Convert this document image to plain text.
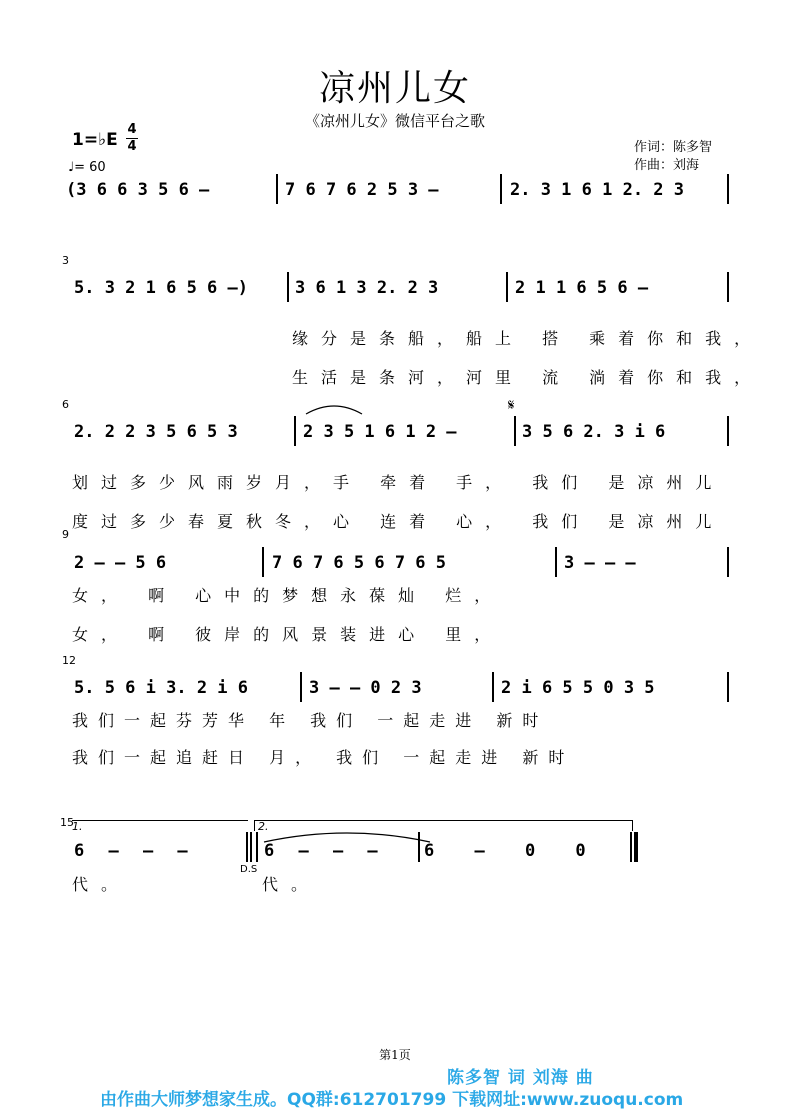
凉州儿女
《凉州儿女》微信平台之歌
1=♭E
4
4
♩= 60
作词：陈多智
作曲：刘海
(3 6 6 3 5 6 –	7 6 7 6 2 5 3 –	2. 3 1 6 1 2. 2 3
3
5. 3 2 1 6 5 6 –)	3 6 1 3 2. 2 3	2 1 1 6 5 6 –
缘分是条船，船上 搭 乘着你和我，
生活是条河，河里 流 淌着你和我，
6
2. 2 2 3 5 6 5 3	2 3 5 1 6 1 2 –
𝄋
3 5 6 2. 3 i 6
划过多少风雨岁月，手 牵着 手， 我们 是凉州儿
度过多少春夏秋冬，心 连着 心， 我们 是凉州儿
9
2 – – 5 6	7 6 7 6 5 6 7 6 5	3 – – –
女， 啊 心中的梦想永葆灿 烂，
女， 啊 彼岸的风景装进心 里，
12
5. 5 6 i 3. 2 i 6	3 – – 0 2 3	2 i 6 5 5 0 3 5
我们一起芬芳华 年 我们 一起走进 新时
我们一起追赶日 月， 我们 一起走进 新时
15
1.	2.
6 – – –
D.S
6 – – –	6 – 0 0
代。	代。
第1页
陈多智 词 刘海 曲
由作曲大师梦想家生成。QQ群:612701799 下载网址:www.zuoqu.com
